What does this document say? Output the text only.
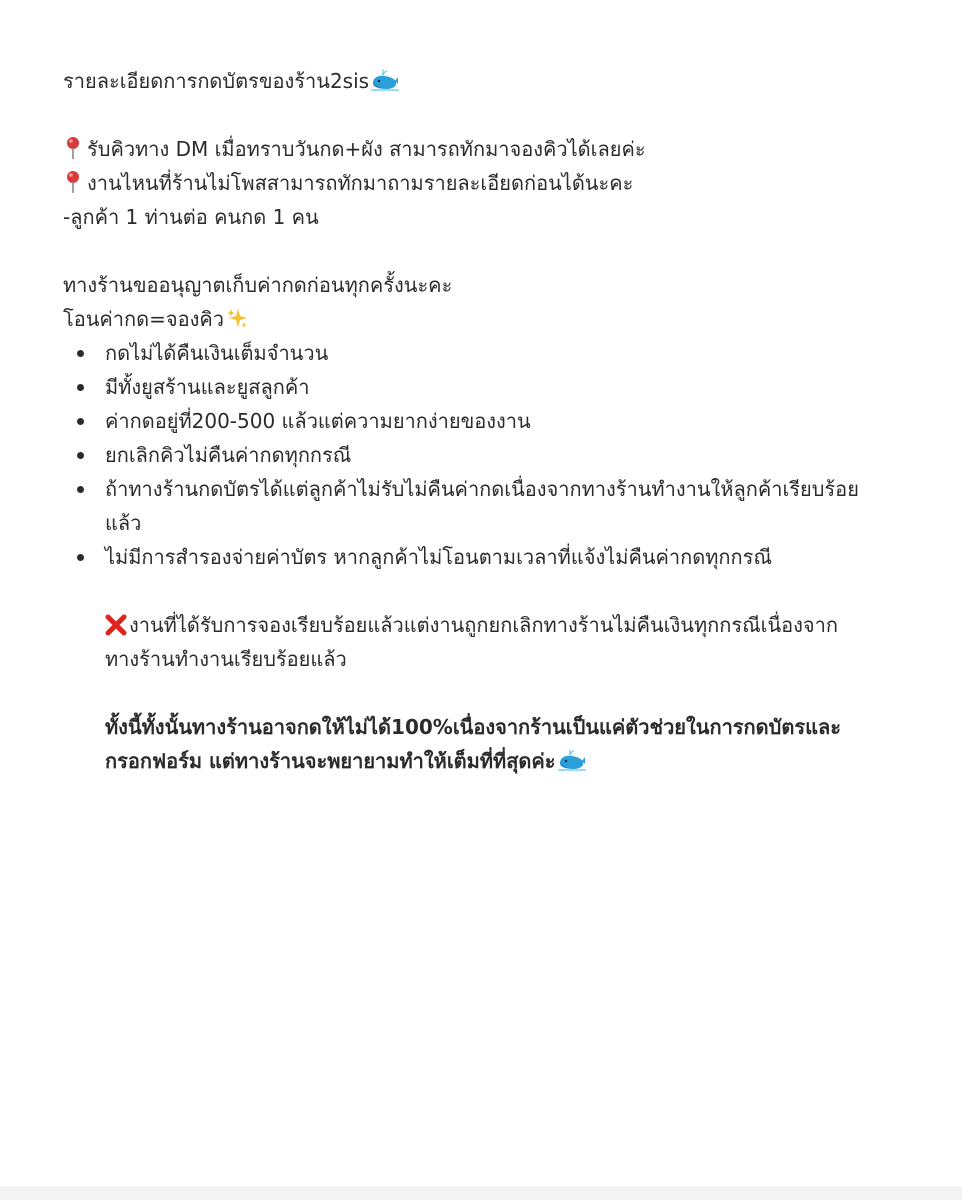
รายละเอียดการกดบัตรของร้าน2sis
รับคิวทาง DM เมื่อทราบวันกด+ผัง สามารถทักมาจองคิวได้เลยค่ะ
งานไหนที่ร้านไม่โพสสามารถทักมาถามรายละเอียดก่อนได้นะคะ
-ลูกค้า 1 ท่านต่อ คนกด 1 คน
ทางร้านขออนุญาตเก็บค่ากดก่อนทุกครั้งนะคะ
โอนค่ากด=จองคิว
กดไม่ได้คืนเงินเต็มจำนวน
มีทั้งยูสร้านและยูสลูกค้า
ค่ากดอยู่ที่200-500 แล้วแต่ความยากง่ายของงาน
ยกเลิกคิวไม่คืนค่ากดทุกกรณี
ถ้าทางร้านกดบัตรได้แต่ลูกค้าไม่รับไม่คืนค่ากดเนื่องจากทางร้านทำงานให้ลูกค้าเรียบร้อย
แล้ว
ไม่มีการสำรองจ่ายค่าบัตร หากลูกค้าไม่โอนตามเวลาที่แจ้งไม่คืนค่ากดทุกกรณี
งานที่ได้รับการจองเรียบร้อยแล้วแต่งานถูกยกเลิกทางร้านไม่คืนเงินทุกกรณีเนื่องจาก
ทางร้านทำงานเรียบร้อยแล้ว
ทั้งนี้ทั้งนั้นทางร้านอาจกดให้ไม่ได้100%เนื่องจากร้านเป็นแค่ตัวช่วยในการกดบัตรและ
กรอกฟอร์ม แต่ทางร้านจะพยายามทำให้เต็มที่ที่สุดค่ะ
